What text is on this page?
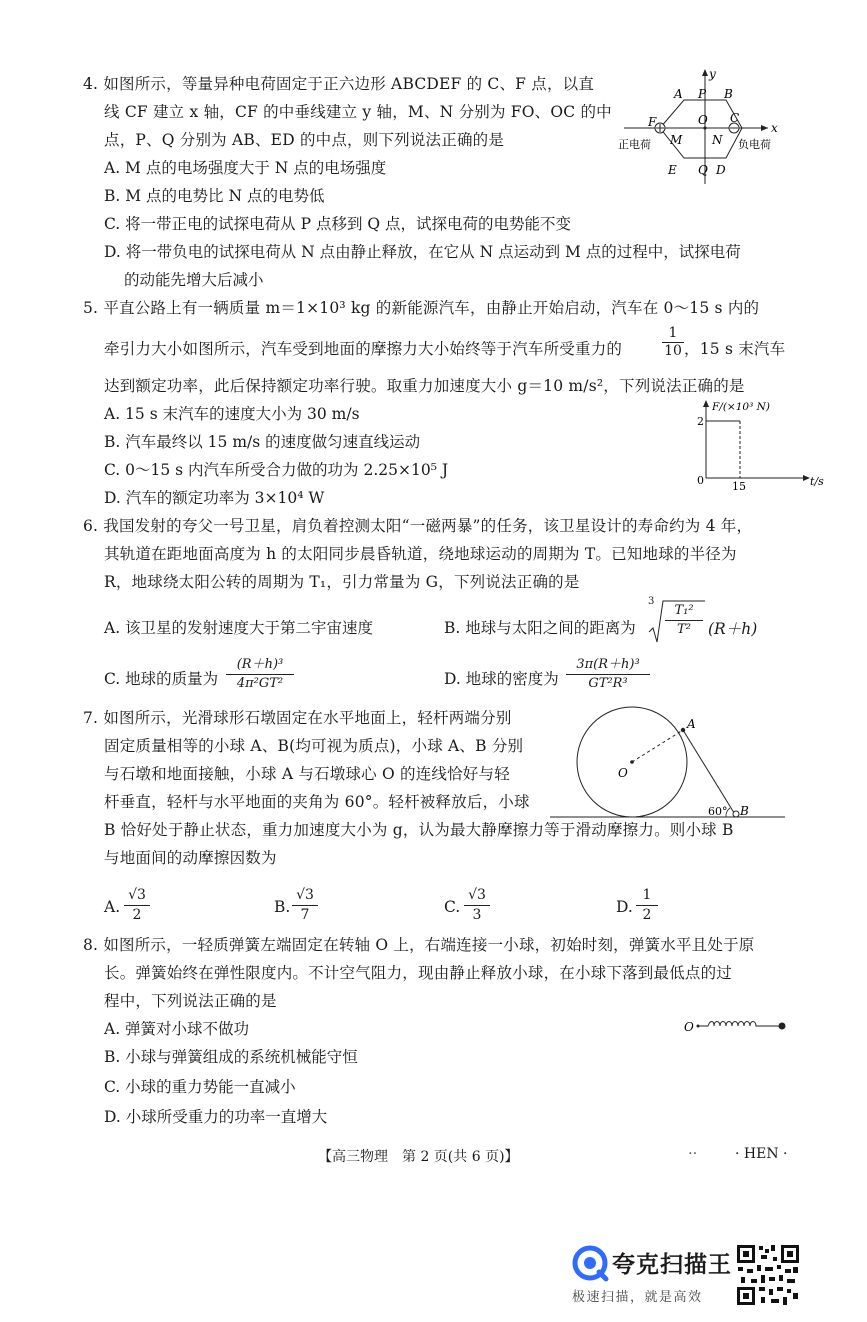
4. 如图所示，等量异种电荷固定于正六边形 ABCDEF 的 C、F 点，以直
线 CF 建立 x 轴，CF 的中垂线建立 y 轴，M、N 分别为 FO、OC 的中
点，P、Q 分别为 AB、ED 的中点，则下列说法正确的是
A. M 点的电场强度大于 N 点的电场强度
B. M 点的电势比 N 点的电势低
C. 将一带正电的试探电荷从 P 点移到 Q 点，试探电荷的电势能不变
D. 将一带负电的试探电荷从 N 点由静止释放，在它从 N 点运动到 M 点的过程中，试探电荷
的动能先增大后减小
y
x
A P B
F	O C
M N
E Q D
正电荷	负电荷
5. 平直公路上有一辆质量 m＝1×10³ kg 的新能源汽车，由静止开始启动，汽车在 0～15 s 内的
牵引力大小如图所示，汽车受到地面的摩擦力大小始终等于汽车所受重力的	$\frac{1}{10}$ ，15 s 末汽车
达到额定功率，此后保持额定功率行驶。取重力加速度大小 g＝10 m/s²，下列说法正确的是
A. 15 s 末汽车的速度大小为 30 m/s
B. 汽车最终以 15 m/s 的速度做匀速直线运动
C. 0～15 s 内汽车所受合力做的功为 2.25×10⁵ J
D. 汽车的额定功率为 3×10⁴ W
F/(×10³ N)
t/s
2
15
0
6. 我国发射的夸父一号卫星，肩负着控测太阳“一磁两暴”的任务，该卫星设计的寿命约为 4 年，
其轨道在距地面高度为 h 的太阳同步晨昏轨道，绕地球运动的周期为 T。已知地球的半径为
R，地球绕太阳公转的周期为 T₁，引力常量为 G，下列说法正确的是
A. 该卫星的发射速度大于第二宇宙速度	B. 地球与太阳之间的距离为
3
$\frac{\text{T₁²}}{\text{T²}} (R+h)$
C. 地球的质量为 $\frac{\text{(R＋h)³}}{\text{4π²GT²}}$	D. 地球的密度为 $\frac{\text{3π(R＋h)³}}{\text{GT²R³}}$
7. 如图所示，光滑球形石墩固定在水平地面上，轻杆两端分别
固定质量相等的小球 A、B(均可视为质点)，小球 A、B 分别
与石墩和地面接触，小球 A 与石墩球心 O 的连线恰好与轻
杆垂直，轻杆与水平地面的夹角为 60°。轻杆被释放后，小球
B 恰好处于静止状态，重力加速度大小为 g，认为最大静摩擦力等于滑动摩擦力。则小球 B
与地面间的动摩擦因数为
A
O
B
60°
A. $\frac{√3}{2}$	B. $\frac{√3}{7}$	C. $\frac{√3}{3}$	D. $\frac{1}{2}$
8. 如图所示，一轻质弹簧左端固定在转轴 O 上，右端连接一小球，初始时刻，弹簧水平且处于原
长。弹簧始终在弹性限度内。不计空气阻力，现由静止释放小球，在小球下落到最低点的过
程中，下列说法正确的是
A. 弹簧对小球不做功
B. 小球与弹簧组成的系统机械能守恒
C. 小球的重力势能一直减小
D. 小球所受重力的功率一直增大
O
【高三物理　第 2 页(共 6 页)】	‥	· HEN ·
夸克扫描王
极速扫描，就是高效
